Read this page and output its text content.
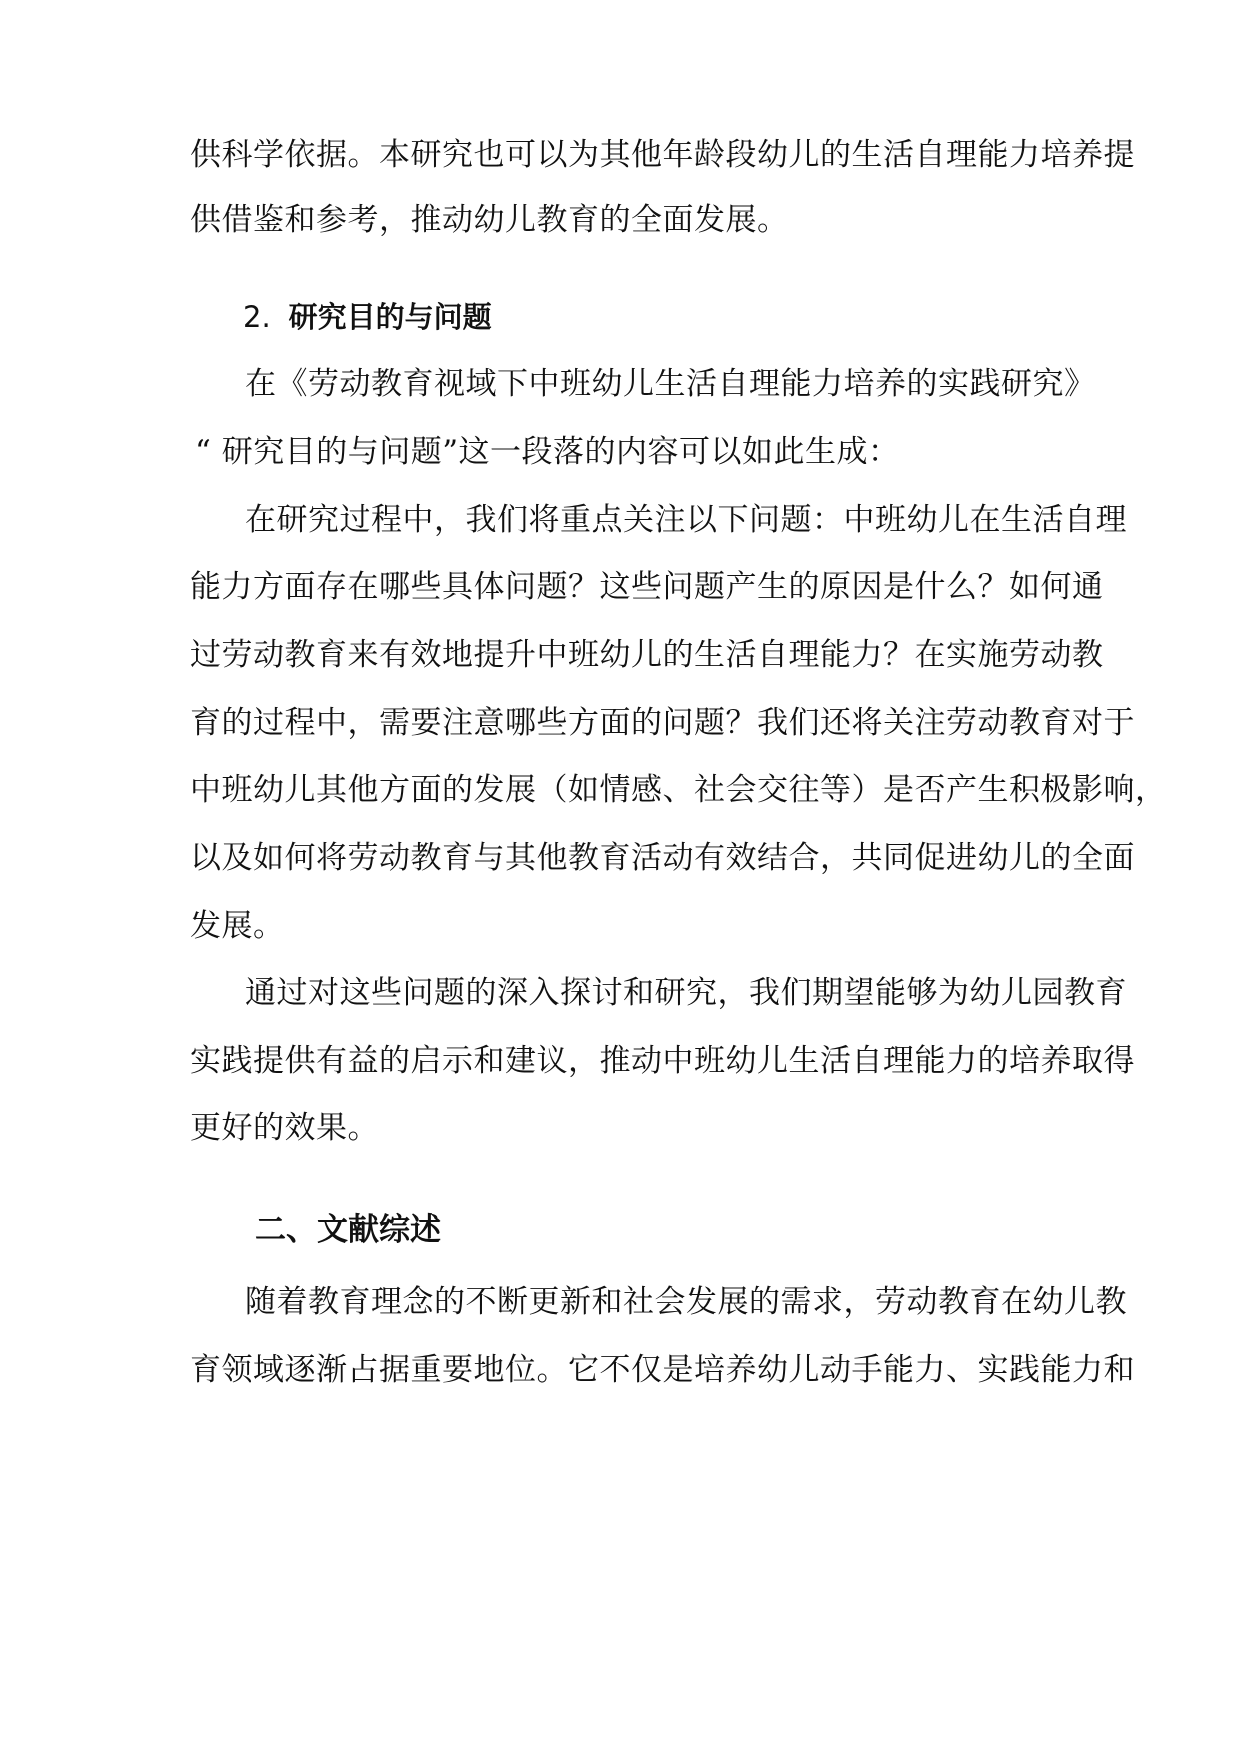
供科学依据。本研究也可以为其他年龄段幼儿的生活自理能力培养提
供借鉴和参考，推动幼儿教育的全面发展。
2. 研究目的与问题
在《劳动教育视域下中班幼儿生活自理能力培养的实践研究》
“ 研究目的与问题”这一段落的内容可以如此生成：
在研究过程中，我们将重点关注以下问题：中班幼儿在生活自理
能力方面存在哪些具体问题？这些问题产生的原因是什么？如何通
过劳动教育来有效地提升中班幼儿的生活自理能力？在实施劳动教
育的过程中，需要注意哪些方面的问题？我们还将关注劳动教育对于
中班幼儿其他方面的发展（如情感、社会交往等）是否产生积极影响，
以及如何将劳动教育与其他教育活动有效结合，共同促进幼儿的全面
发展。
通过对这些问题的深入探讨和研究，我们期望能够为幼儿园教育
实践提供有益的启示和建议，推动中班幼儿生活自理能力的培养取得
更好的效果。
二、文献综述
随着教育理念的不断更新和社会发展的需求，劳动教育在幼儿教
育领域逐渐占据重要地位。它不仅是培养幼儿动手能力、实践能力和
